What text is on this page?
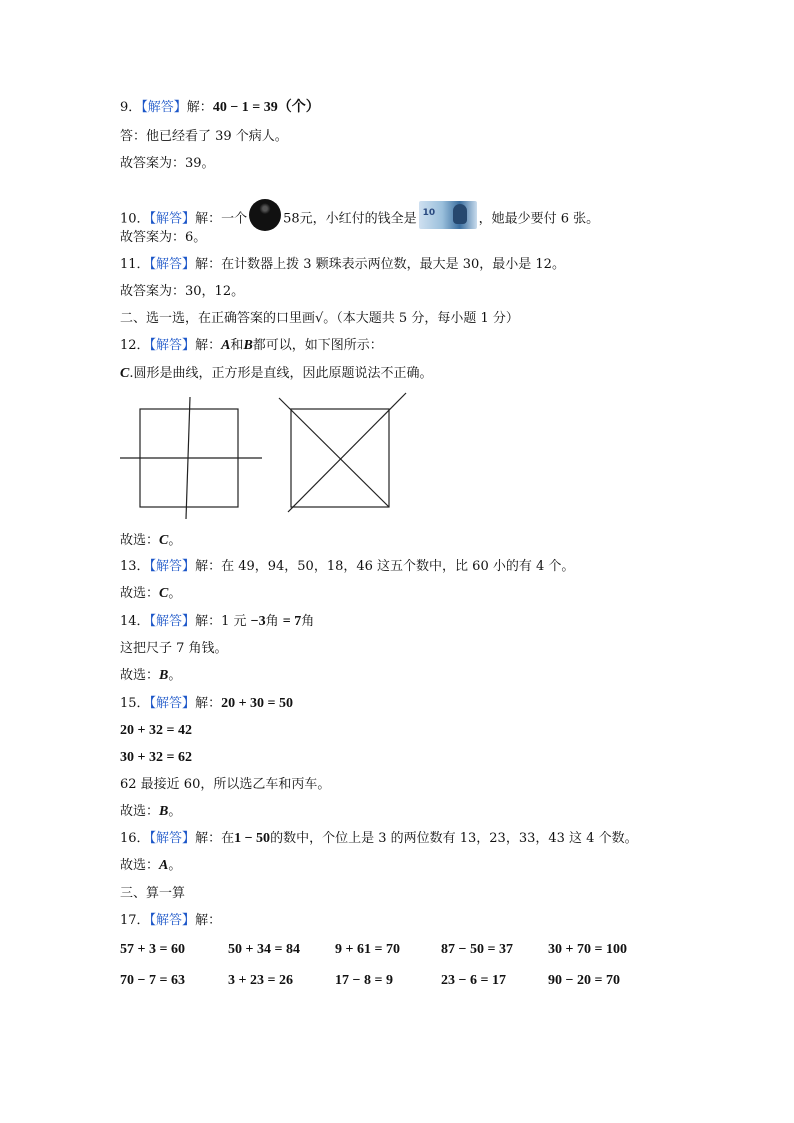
9．【解答】解：40 − 1 = 39（个）
答：他已经看了 39 个病人。
故答案为：39。
10．【解答】解：一个	58元，小红付的钱全是 10	，她最少要付 6 张。
故答案为：6。
11．【解答】解：在计数器上拨 3 颗珠表示两位数，最大是 30，最小是 12。
故答案为：30，12。
二、选一选，在正确答案的口里画√。（本大题共 5 分，每小题 1 分）
12．【解答】解：A和B都可以，如下图所示：
C.圆形是曲线，正方形是直线，因此原题说法不正确。
故选：C。
13．【解答】解：在 49，94，50，18，46 这五个数中，比 60 小的有 4 个。
故选：C。
14．【解答】解：1 元 −3角 = 7角
这把尺子 7 角钱。
故选：B。
15．【解答】解：20 + 30 = 50
20 + 32 = 42
30 + 32 = 62
62 最接近 60，所以选乙车和丙车。
故选：B。
16．【解答】解：在1 − 50的数中，个位上是 3 的两位数有 13，23，33，43 这 4 个数。
故选：A。
三、算一算
17．【解答】解：
57 + 3 = 60	50 + 34 = 84	9 + 61 = 70	87 − 50 = 37	30 + 70 = 100
70 − 7 = 63	3 + 23 = 26	17 − 8 = 9	23 − 6 = 17	90 − 20 = 70
